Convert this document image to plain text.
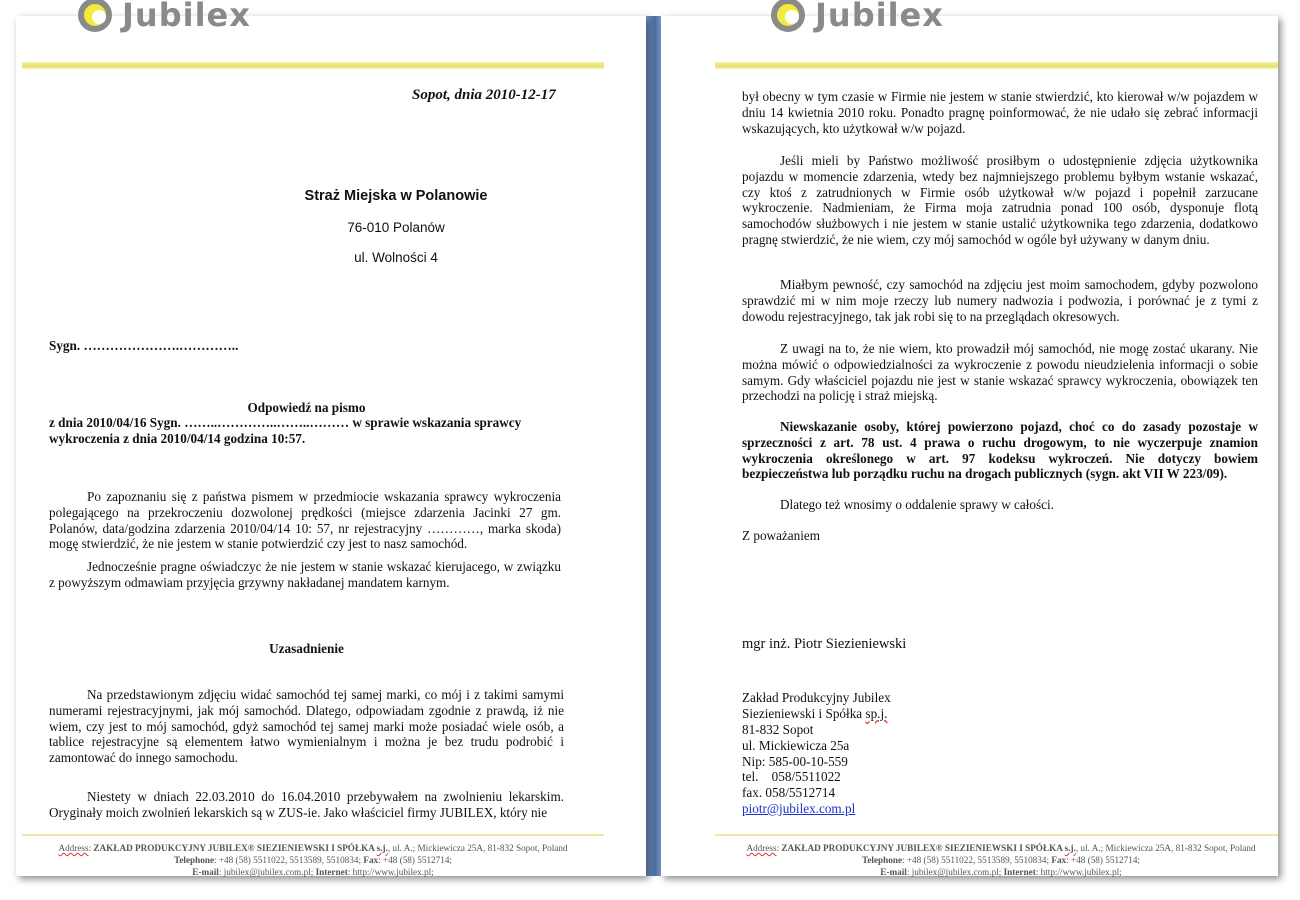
Jubilex
Sopot, dnia 2010-12-17
Straż Miejska w Polanowie
76-010 Polanów
ul. Wolności 4
Sygn. ………………….…………..
Odpowiedź na pismo
z dnia 2010/04/16 Sygn. ……..…………..……..……… w sprawie wskazania sprawcy
wykroczenia z dnia 2010/04/14 godzina 10:57.
Po zapoznaniu się z państwa pismem w przedmiocie wskazania sprawcy wykroczenia polegającego na przekroczeniu dozwolonej prędkości (miejsce zdarzenia Jacinki 27 gm. Polanów, data/godzina zdarzenia 2010/04/14 10: 57, nr rejestracyjny …………, marka skoda) mogę stwierdzić, że nie jestem w stanie potwierdzić czy jest to nasz samochód.
Jednocześnie pragne oświadczyc że nie jestem w stanie wskazać kierujacego, w związku z powyższym odmawiam przyjęcia grzywny nakładanej mandatem karnym.
Uzasadnienie
Na przedstawionym zdjęciu widać samochód tej samej marki, co mój i z takimi samymi numerami rejestracyjnymi, jak mój samochód. Dlatego, odpowiadam zgodnie z prawdą, iż nie wiem, czy jest to mój samochód, gdyż samochód tej samej marki może posiadać wiele osób, a tablice rejestracyjne są elementem łatwo wymienialnym i można je bez trudu podrobić i zamontować do innego samochodu.
Niestety w dniach 22.03.2010 do 16.04.2010 przebywałem na zwolnieniu lekarskim. Oryginały moich zwolnień lekarskich są w ZUS-ie. Jako właściciel firmy JUBILEX, który nie
Address: ZAKŁAD PRODUKCYJNY JUBILEX® SIEZIENIEWSKI I SPÓŁKA s.j., ul. A.; Mickiewicza 25A, 81-832 Sopot, Poland
Telephone: +48 (58) 5511022, 5513589, 5510834; Fax: +48 (58) 5512714;
E-mail: jubilex@jubilex.com.pl; Internet: http://www.jubilex.pl;
Jubilex
był obecny w tym czasie w Firmie nie jestem w stanie stwierdzić, kto kierował w/w pojazdem w dniu 14 kwietnia 2010 roku. Ponadto pragnę poinformować, że nie udało się zebrać informacji wskazujących, kto użytkował w/w pojazd.
Jeśli mieli by Państwo możliwość prosiłbym o udostępnienie zdjęcia użytkownika pojazdu w momencie zdarzenia, wtedy bez najmniejszego problemu byłbym wstanie wskazać, czy ktoś z zatrudnionych w Firmie osób użytkował w/w pojazd i popełnił zarzucane wykroczenie. Nadmieniam, że Firma moja zatrudnia ponad 100 osób, dysponuje flotą samochodów służbowych i nie jestem w stanie ustalić użytkownika tego zdarzenia, dodatkowo pragnę stwierdzić, że nie wiem, czy mój samochód w ogóle był używany w danym dniu.
Miałbym pewność, czy samochód na zdjęciu jest moim samochodem, gdyby pozwolono sprawdzić mi w nim moje rzeczy lub numery nadwozia i podwozia, i porównać je z tymi z dowodu rejestracyjnego, tak jak robi się to na przeglądach okresowych.
Z uwagi na to, że nie wiem, kto prowadził mój samochód, nie mogę zostać ukarany. Nie można mówić o odpowiedzialności za wykroczenie z powodu nieudzielenia informacji o sobie samym. Gdy właściciel pojazdu nie jest w stanie wskazać sprawcy wykroczenia, obowiązek ten przechodzi na policję i straż miejską.
Niewskazanie osoby, której powierzono pojazd, choć co do zasady pozostaje w sprzeczności z art. 78 ust. 4 prawa o ruchu drogowym, to nie wyczerpuje znamion wykroczenia określonego w art. 97 kodeksu wykroczeń. Nie dotyczy bowiem bezpieczeństwa lub porządku ruchu na drogach publicznych (sygn. akt VII W 223/09).
Dlatego też wnosimy o oddalenie sprawy w całości.
Z poważaniem
mgr inż. Piotr Siezieniewski
Zakład Produkcyjny Jubilex
Siezieniewski i Spółka sp.j.
81-832 Sopot
ul. Mickiewicza 25a
Nip: 585-00-10-559
tel.    058/5511022
fax. 058/5512714
piotr@jubilex.com.pl
Address: ZAKŁAD PRODUKCYJNY JUBILEX® SIEZIENIEWSKI I SPÓŁKA s.j., ul. A.; Mickiewicza 25A, 81-832 Sopot, Poland
Telephone: +48 (58) 5511022, 5513589, 5510834; Fax: +48 (58) 5512714;
E-mail: jubilex@jubilex.com.pl; Internet: http://www.jubilex.pl;
